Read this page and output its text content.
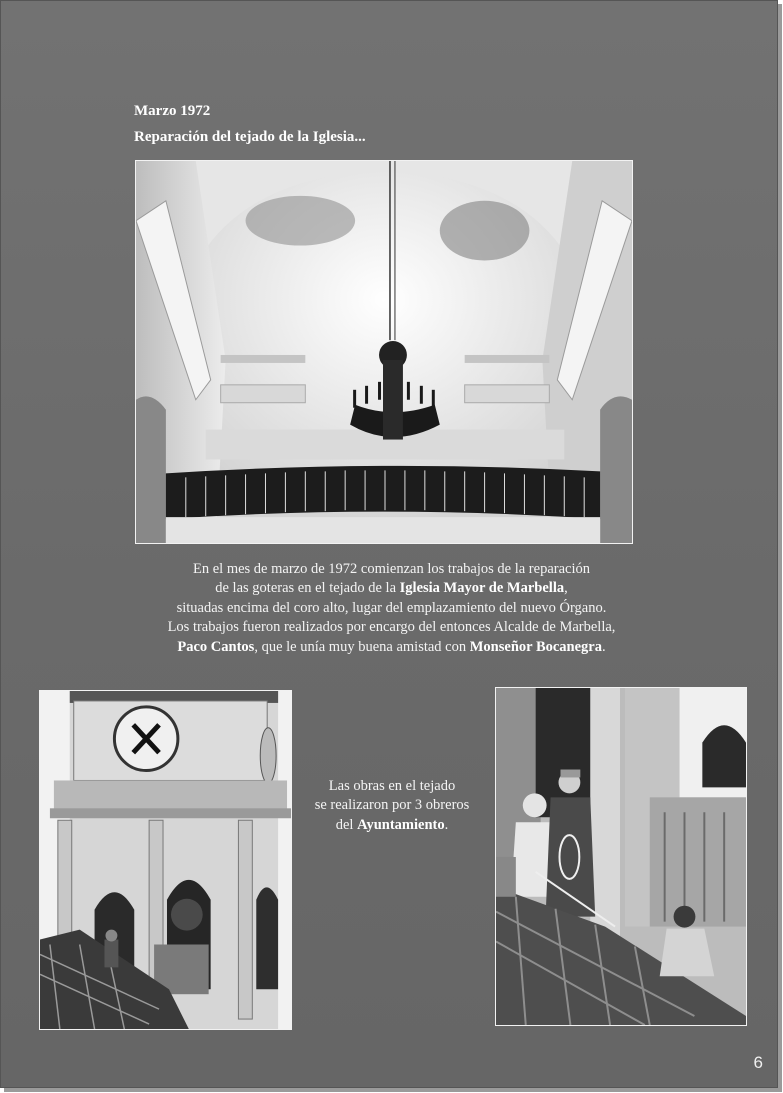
Marzo 1972
Reparación del tejado de la Iglesia...
En el mes de marzo de 1972 comienzan los trabajos de la reparación
de las goteras en el tejado de la Iglesia Mayor de Marbella,
situadas encima del coro alto, lugar del emplazamiento del nuevo Órgano.
Los trabajos fueron realizados por encargo del entonces Alcalde de Marbella,
Paco Cantos, que le unía muy buena amistad con Monseñor Bocanegra.
Las obras en el tejado
se realizaron por 3 obreros
del Ayuntamiento.
6
